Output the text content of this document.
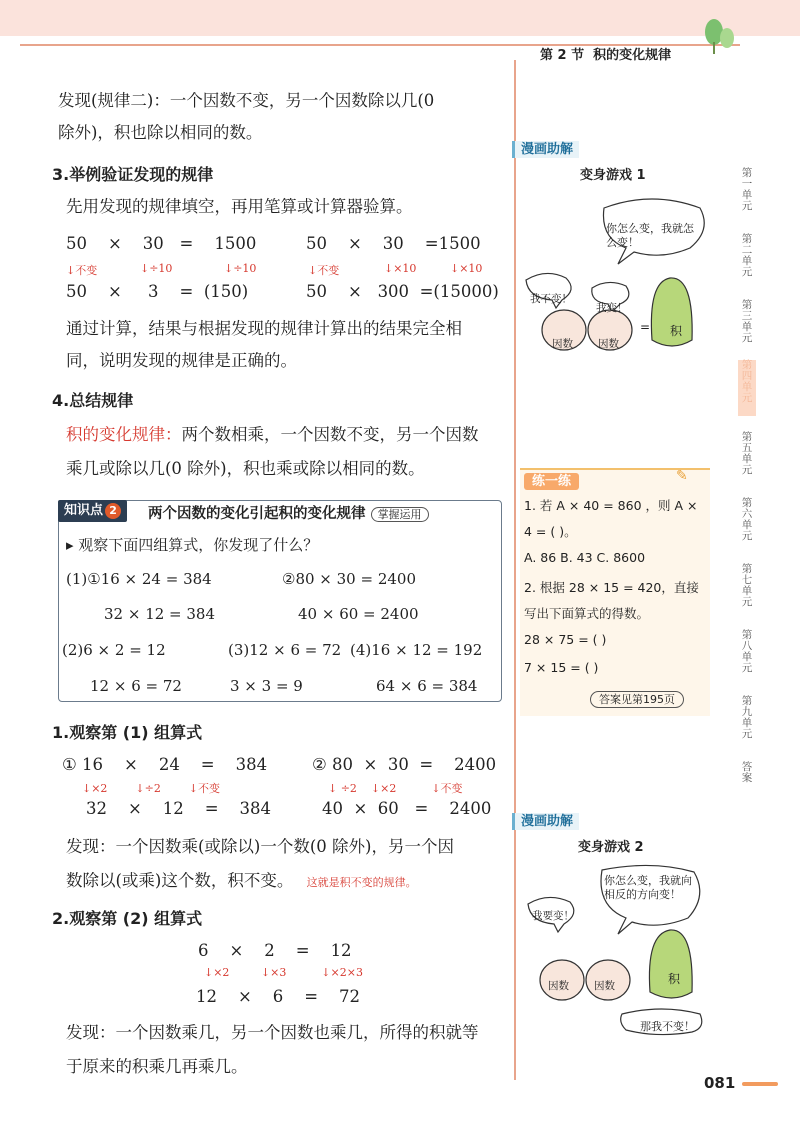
第 2 节 积的变化规律
发现(规律二)：一个因数不变，另一个因数除以几(0
除外)，积也除以相同的数。
3.举例验证发现的规律
先用发现的规律填空，再用笔算或计算器验算。
50 × 30 = 1500
↓不变	↓÷10	↓÷10
50 × 3 = (150)
50 × 30 =1500
↓不变	↓×10	↓×10
50 × 300 =(15000)
通过计算，结果与根据发现的规律计算出的结果完全相
同，说明发现的规律是正确的。
4.总结规律
积的变化规律：两个数相乘，一个因数不变，另一个因数
乘几或除以几(0 除外)，积也乘或除以相同的数。
知识点 2	两个因数的变化引起积的变化规律 掌握运用
▸ 观察下面四组算式，你发现了什么？
(1)①16 × 24 = 384	②80 × 30 = 2400
32 × 12 = 384	40 × 60 = 2400
(2)6 × 2 = 12	(3)12 × 6 = 72 (4)16 × 12 = 192
12 × 6 = 72	3 × 3 = 9	64 × 6 = 384
1.观察第 (1) 组算式
① 16    ×    24    =    384
↓×2        ↓÷2        ↓不变
32    ×    12    =    384
② 80  ×  30  =    2400
↓ ÷2    ↓×2          ↓不变
40  ×  60   =    2400
发现：一个因数乘(或除以)一个数(0 除外)，另一个因
数除以(或乘)这个数，积不变。 这就是积不变的规律。
2.观察第 (2) 组算式
6    ×    2    =    12
↓×2         ↓×3          ↓×2×3
12    ×    6    =    72
发现：一个因数乘几，另一个因数也乘几，所得的积就等
于原来的积乘几再乘几。
漫画助解
变身游戏 1
你怎么变，我就怎么变！
我不变！
我变！
因数 因数
= 积
练一练	✎
1. 若 A × 40 = 860 ，则 A ×
4 = ( )。
A. 86 B. 43 C. 8600
2. 根据 28 × 15 = 420，直接
写出下面算式的得数。
28 × 75 = ( )
7 × 15 = ( )
答案见第195页
漫画助解
变身游戏 2
你怎么变，我就向相反的方向变！
我要变！
因数 因数	积
那我不变！
第一单元
第二单元
第三单元
第四单元
第五单元
第六单元
第七单元
第八单元
第九单元
答案
081
